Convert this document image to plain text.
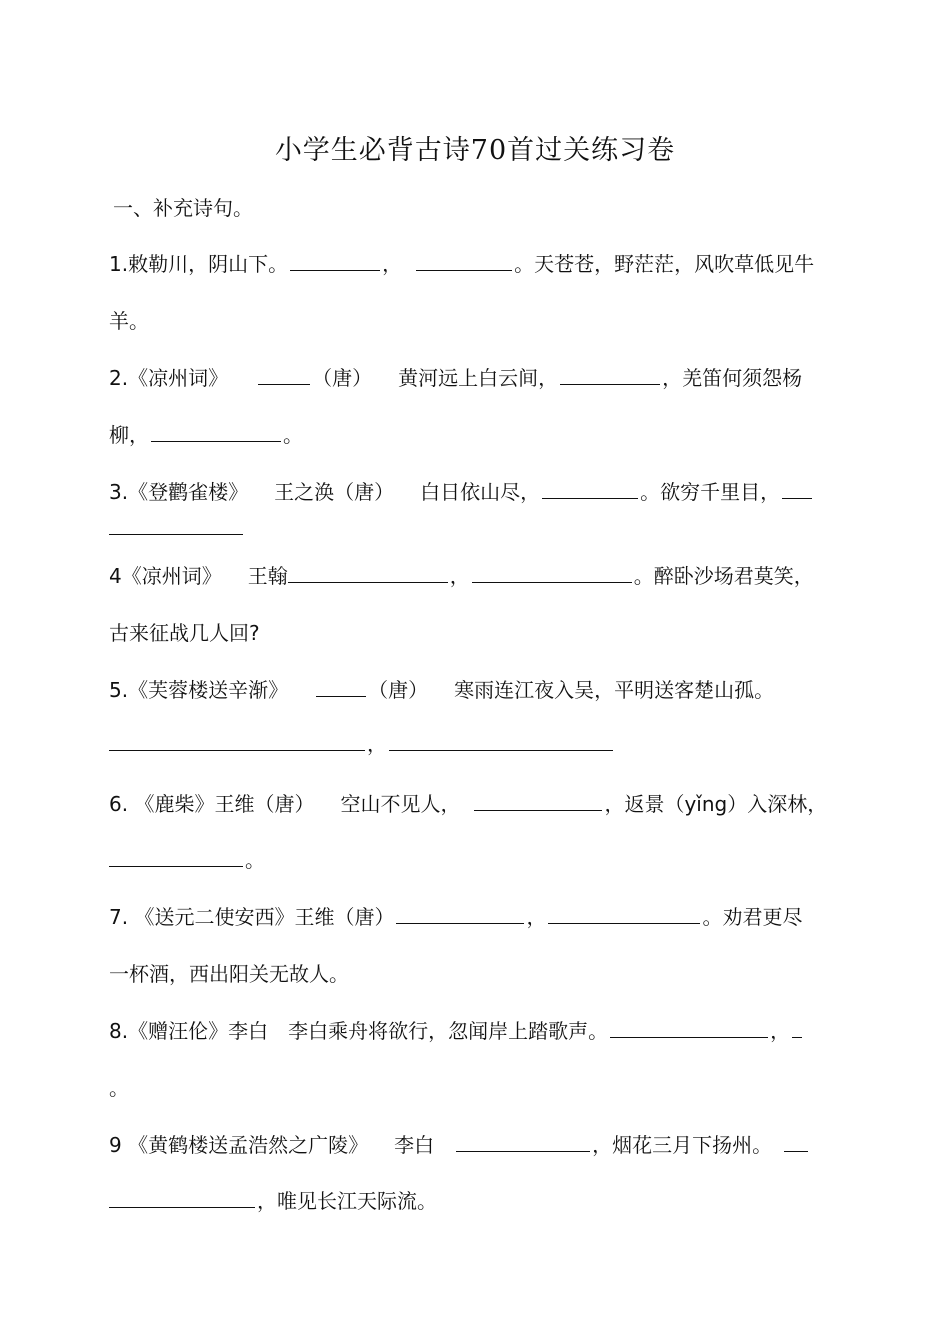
小学生必背古诗70首过关练习卷
一、补充诗句。
1.敕勒川，阴山下。	，	。天苍苍，野茫茫，风吹草低见牛
羊。
2.《凉州词》	（唐） 黄河远上白云间，	，羌笛何须怨杨
柳，	。
3.《登鹳雀楼》 王之涣（唐） 白日依山尽，	。欲穷千里目，
4《凉州词》 王翰	，	。醉卧沙场君莫笑，
古来征战几人回?
5.《芙蓉楼送辛渐》	（唐） 寒雨连江夜入吴，平明送客楚山孤。
，
6. 《鹿柴》王维（唐） 空山不见人，	，返景（yǐng）入深林，
。
7. 《送元二使安西》王维（唐）	，	。劝君更尽
一杯酒，西出阳关无故人。
8.《赠汪伦》李白 李白乘舟将欲行，忽闻岸上踏歌声。	，
。
9 《黄鹤楼送孟浩然之广陵》 李白	，烟花三月下扬州。
，唯见长江天际流。
